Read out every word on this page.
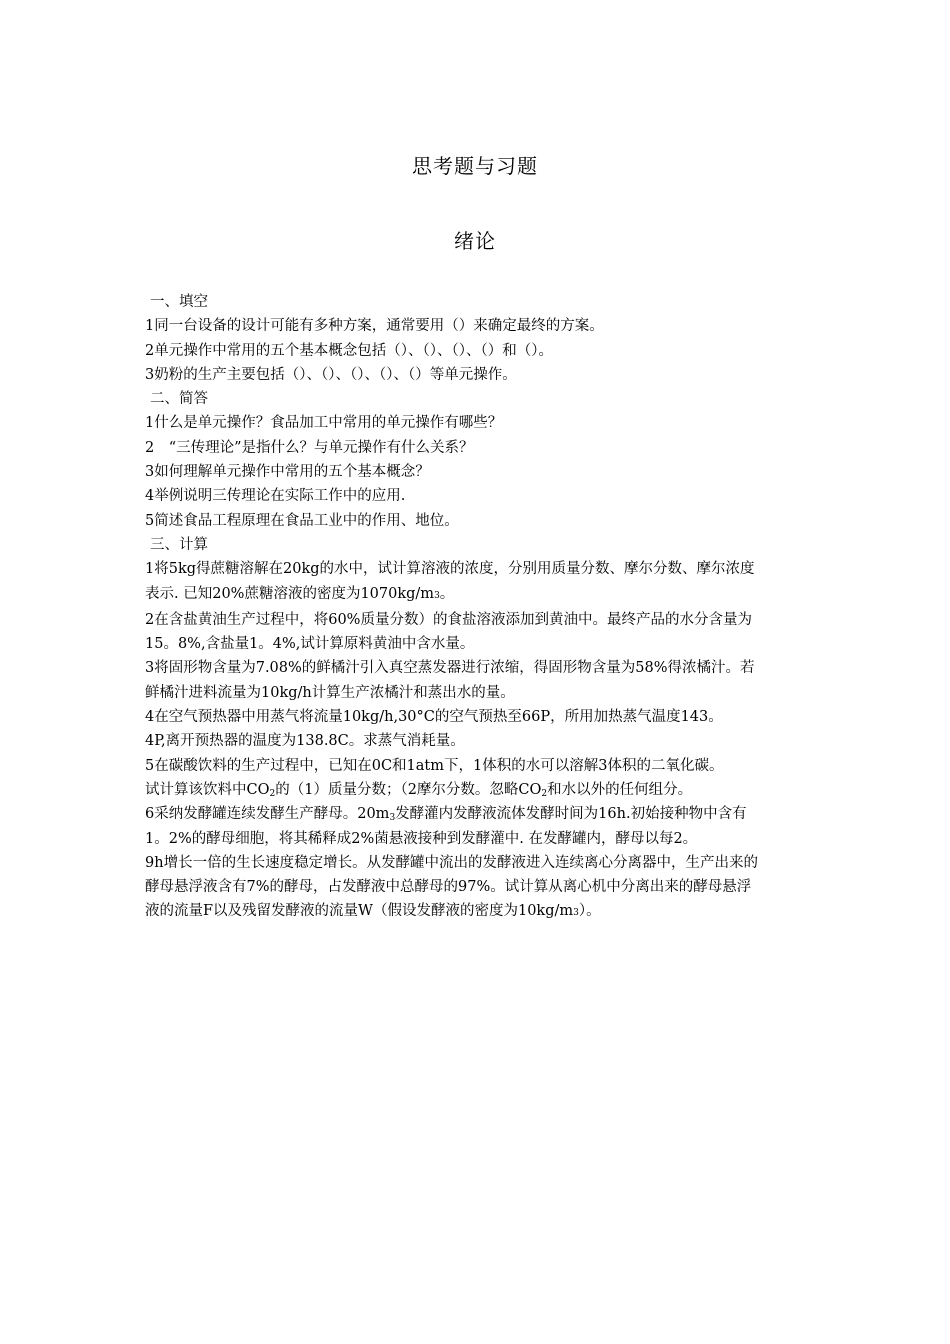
思考题与习题
绪论
一、填空
1同一台设备的设计可能有多种方案，通常要用（）来确定最终的方案。
2单元操作中常用的五个基本概念包括（）、（）、（）、（）和（）。
3奶粉的生产主要包括（）、（）、（）、（）、（）等单元操作。
二、简答
1什么是单元操作？食品加工中常用的单元操作有哪些？
2　“三传理论”是指什么？与单元操作有什么关系？
3如何理解单元操作中常用的五个基本概念？
4举例说明三传理论在实际工作中的应用.
5简述食品工程原理在食品工业中的作用、地位。
三、计算
1将5kg得蔗糖溶解在20kg的水中，试计算溶液的浓度，分别用质量分数、摩尔分数、摩尔浓度
表示. 已知20%蔗糖溶液的密度为1070kg/m3。
2在含盐黄油生产过程中，将60%质量分数）的食盐溶液添加到黄油中。最终产品的水分含量为
15。8%,含盐量1。4%,试计算原料黄油中含水量。
3将固形物含量为7.08%的鲜橘汁引入真空蒸发器进行浓缩，得固形物含量为58%得浓橘汁。若
鲜橘汁进料流量为10kg/h计算生产浓橘汁和蒸出水的量。
4在空气预热器中用蒸气将流量10kg/h,30°C的空气预热至66P，所用加热蒸气温度143。
4P,离开预热器的温度为138.8C。求蒸气消耗量。
5在碳酸饮料的生产过程中，已知在0C和1atm下，1体积的水可以溶解3体积的二氧化碳。
试计算该饮料中$CO_2$的（1）质量分数；（2摩尔分数。忽略$CO_2$和水以外的任何组分。
6采纳发酵罐连续发酵生产酵母。$20m_3$发酵灌内发酵液流体发酵时间为16h.初始接种物中含有
1。2%的酵母细胞，将其稀释成2%菌悬液接种到发酵灌中. 在发酵罐内，酵母以每2。
9h增长一倍的生长速度稳定增长。从发酵罐中流出的发酵液进入连续离心分离器中，生产出来的
酵母悬浮液含有7%的酵母，占发酵液中总酵母的97%。试计算从离心机中分离出来的酵母悬浮
液的流量F以及残留发酵液的流量W（假设发酵液的密度为10kg/m3）。
